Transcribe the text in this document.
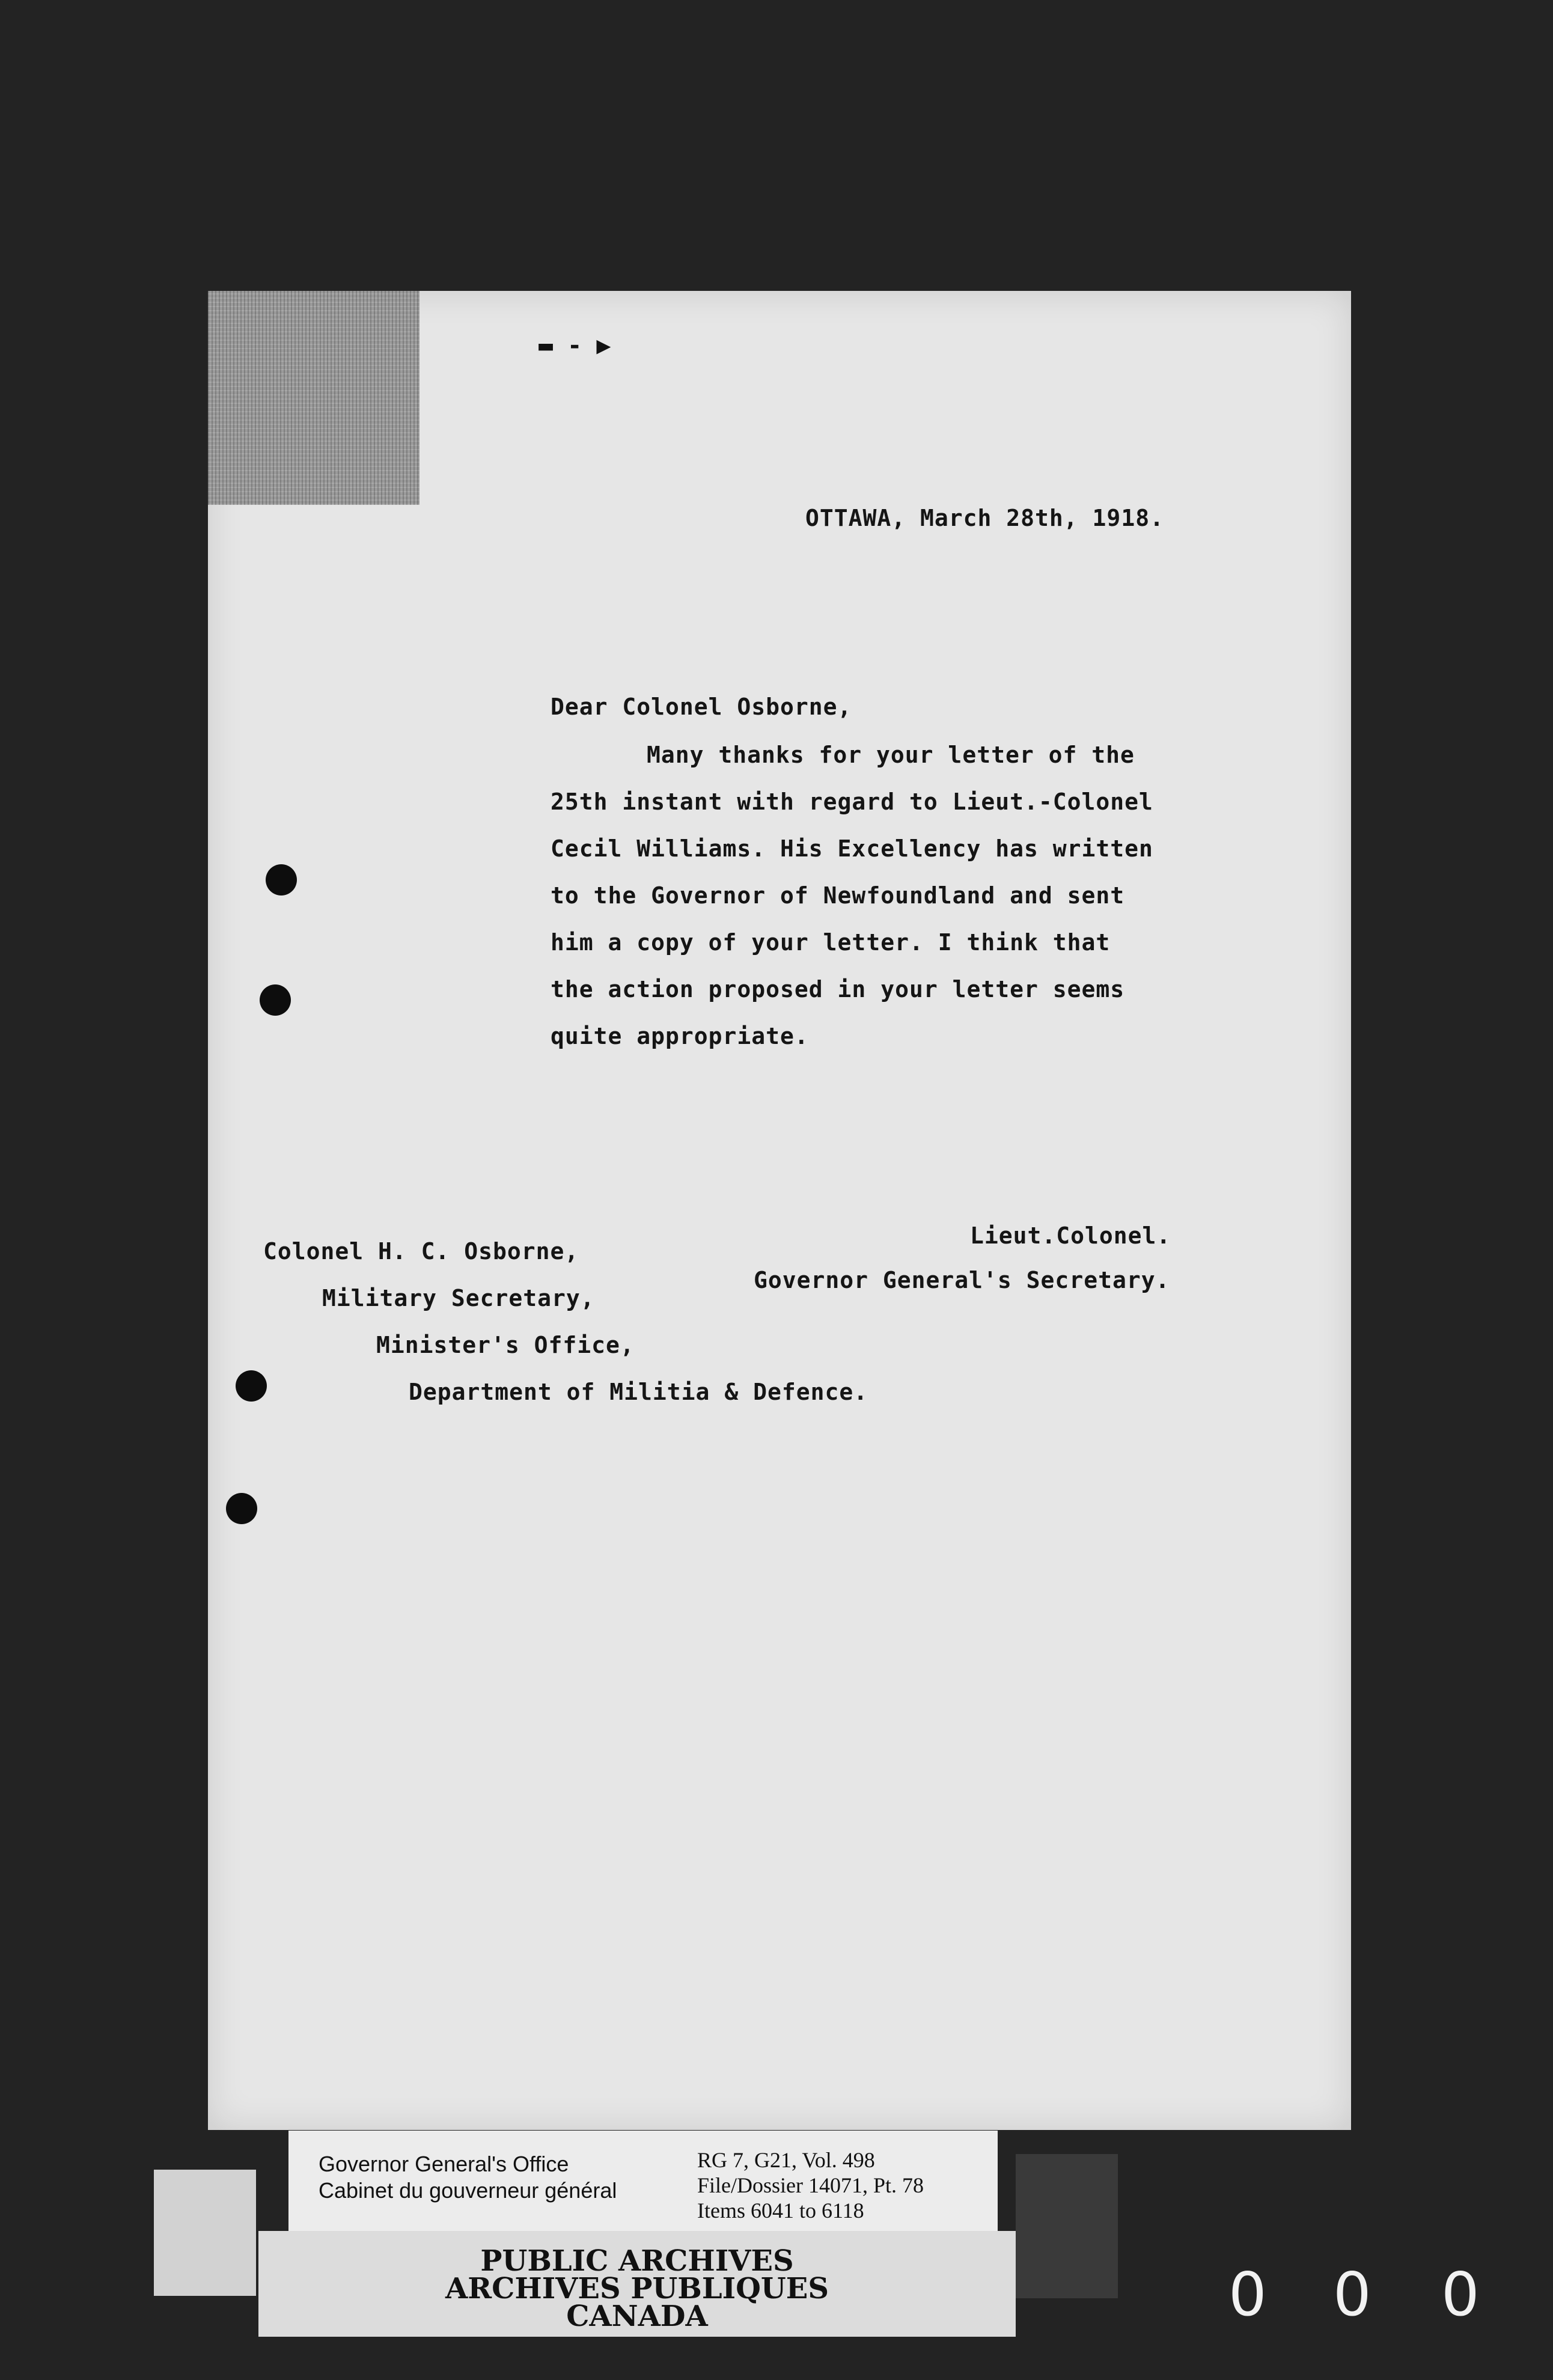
▬ - ▶
OTTAWA, March 28th, 1918.
Dear Colonel Osborne,
Many thanks for your letter of the
25th instant with regard to Lieut.-Colonel
Cecil Williams. His Excellency has written
to the Governor of Newfoundland and sent
him a copy of your letter. I think that
the action proposed in your letter seems
quite appropriate.
Lieut.Colonel.
Governor General's Secretary.
Colonel H. C. Osborne,
Military Secretary,
Minister's Office,
Department of Militia & Defence.
Governor General's Office
Cabinet du gouverneur général
RG 7, G21, Vol. 498
File/Dossier 14071, Pt. 78
Items 6041 to 6118
PUBLIC ARCHIVES
ARCHIVES PUBLIQUES
CANADA	0 0 0
